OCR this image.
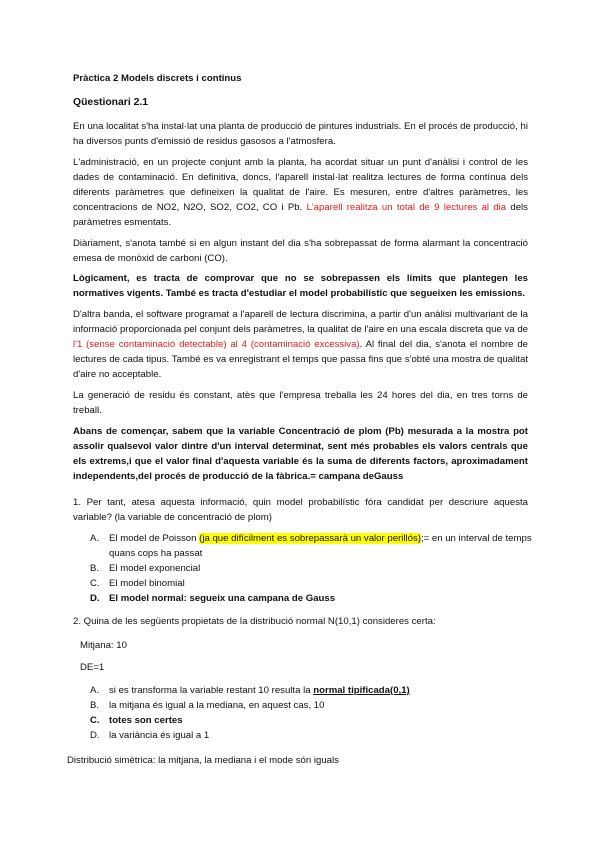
Pràctica 2 Models discrets i continus
Qüestionari 2.1
En una localitat s'ha instal·lat una planta de producció de pintures industrials. En el procés de producció, hi ha diversos punts d'emissió de residus gasosos a l'atmosfera.
L'administració, en un projecte conjunt amb la planta, ha acordat situar un punt d'anàlisi i control de les dades de contaminació. En definitiva, doncs, l'aparell instal·lat realitza lectures de forma contínua dels diferents paràmetres que defineixen la qualitat de l'aire. Es mesuren, entre d'altres paràmetres, les concentracions de NO2, N2O, SO2, CO2, CO i Pb. L'aparell realitza un total de 9 lectures al dia dels paràmetres esmentats.
Diàriament, s'anota també si en algun instant del dia s'ha sobrepassat de forma alarmant la concentració emesa de monòxid de carboni (CO).
Lògicament, es tracta de comprovar que no se sobrepassen els límits que plantegen les normatives vigents. També es tracta d'estudiar el model probabilístic que segueixen les emissions.
D'altra banda, el software programat a l'aparell de lectura discrimina, a partir d'un anàlisi multivariant de la informació proporcionada pel conjunt dels paràmetres, la qualitat de l'aire en una escala discreta que va de l'1 (sense contaminació detectable) al 4 (contaminació excessiva). Al final del dia, s'anota el nombre de lectures de cada tipus. També es va enregistrant el temps que passa fins que s'obté una mostra de qualitat d'aire no acceptable.
La generació de residu és constant, atès que l'empresa treballa les 24 hores del dia, en tres torns de treball.
Abans de començar, sabem que la variable Concentració de plom (Pb) mesurada a la mostra pot assolir qualsevol valor dintre d'un interval determinat, sent més probables els valors centrals que els extrems,i que el valor final d'aquesta variable és la suma de diferents factors, aproximadament independents,del procés de producció de la fàbrica.= campana deGauss
1. Per tant, atesa aquesta informació, quin model probabilístic fóra candidat per descriure aquesta variable? (la variable de concentració de plom)
A.	El model de Poisson (ja que difícilment es sobrepassarà un valor perillós);= en un interval de temps quans cops ha passat
B.	El model exponencial
C. El model binomial
D. El model normal: segueix una campana de Gauss
2. Quina de les següents propietats de la distribució normal N(10,1) consideres certa:
Mitjana: 10
DE=1
A.	si es transforma la variable restant 10 resulta la normal tipificada(0,1)
B.	la mitjana és igual a la mediana, en aquest cas, 10
C. totes son certes
D. la variància és igual a 1
Distribució simètrica: la mitjana, la mediana i el mode són iguals
